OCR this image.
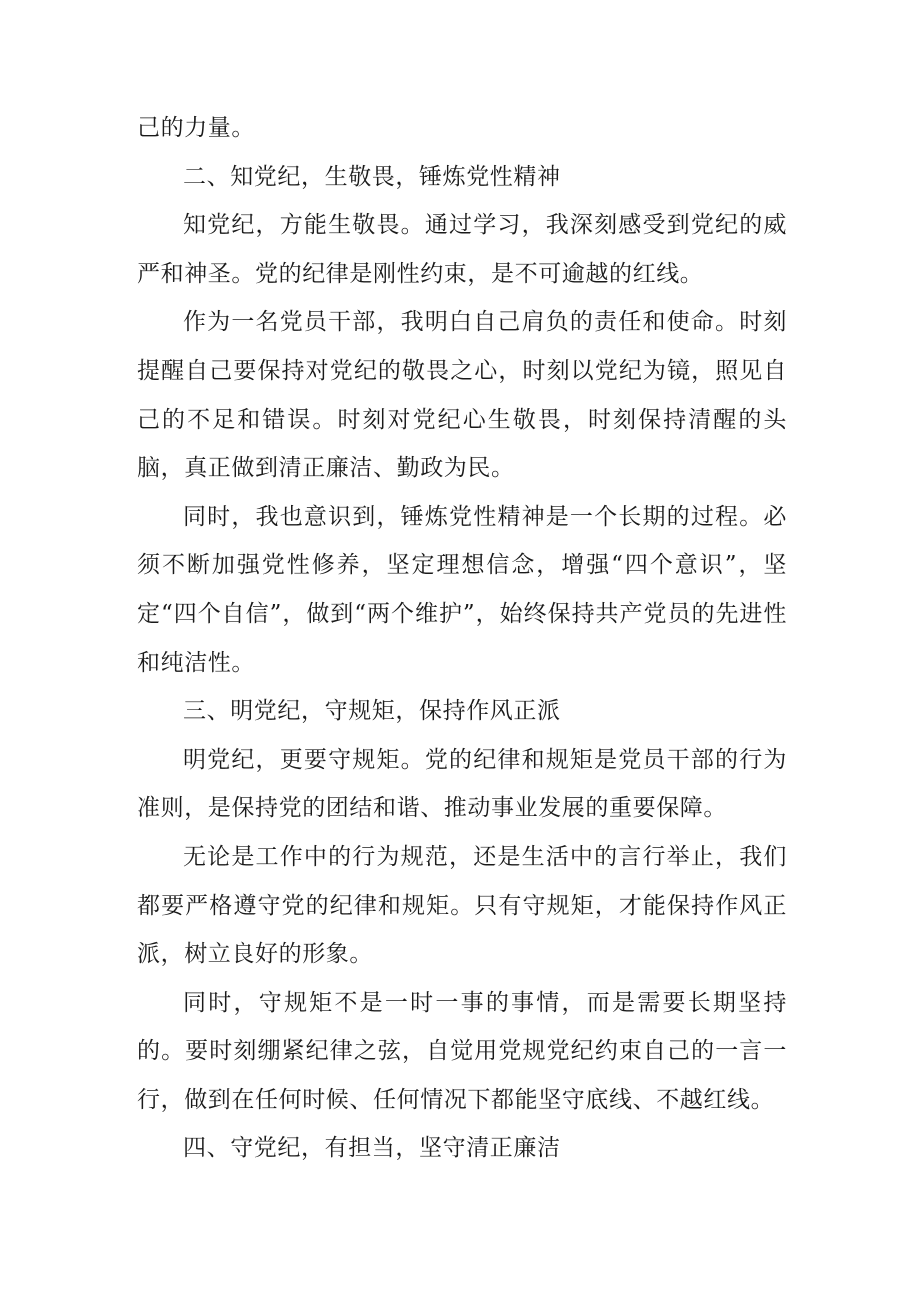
己的力量。

二、知党纪，生敬畏，锤炼党性精神

知党纪，方能生敬畏。通过学习，我深刻感受到党纪的威严和神圣。党的纪律是刚性约束，是不可逾越的红线。

作为一名党员干部，我明白自己肩负的责任和使命。时刻提醒自己要保持对党纪的敬畏之心，时刻以党纪为镜，照见自己的不足和错误。时刻对党纪心生敬畏，时刻保持清醒的头脑，真正做到清正廉洁、勤政为民。

同时，我也意识到，锤炼党性精神是一个长期的过程。必须不断加强党性修养，坚定理想信念，增强“四个意识”，坚定“四个自信”，做到“两个维护”，始终保持共产党员的先进性和纯洁性。

三、明党纪，守规矩，保持作风正派

明党纪，更要守规矩。党的纪律和规矩是党员干部的行为准则，是保持党的团结和谐、推动事业发展的重要保障。

无论是工作中的行为规范，还是生活中的言行举止，我们都要严格遵守党的纪律和规矩。只有守规矩，才能保持作风正派，树立良好的形象。

同时，守规矩不是一时一事的事情，而是需要长期坚持的。要时刻绷紧纪律之弦，自觉用党规党纪约束自己的一言一行，做到在任何时候、任何情况下都能坚守底线、不越红线。

四、守党纪，有担当，坚守清正廉洁
